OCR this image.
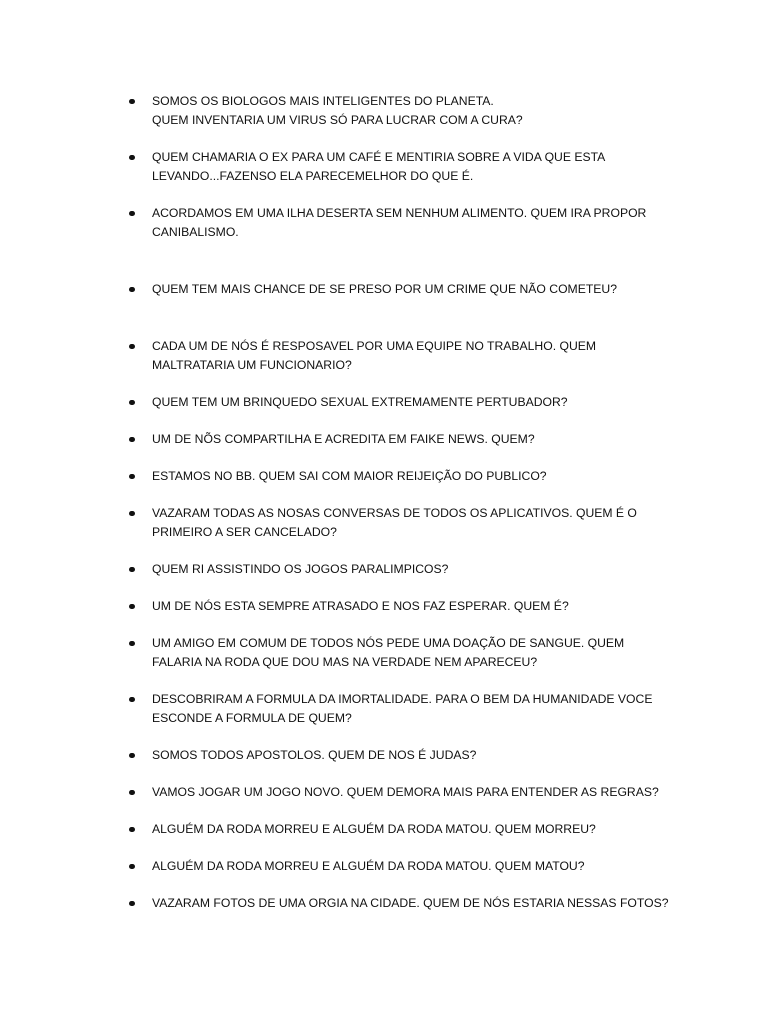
SOMOS OS BIOLOGOS MAIS INTELIGENTES DO PLANETA.
QUEM INVENTARIA UM VIRUS SÓ PARA LUCRAR COM A CURA?
QUEM CHAMARIA O EX PARA UM CAFÉ E MENTIRIA SOBRE A VIDA QUE ESTA LEVANDO...FAZENSO ELA PARECEMELHOR DO QUE É.
ACORDAMOS EM UMA ILHA DESERTA SEM NENHUM ALIMENTO. QUEM IRA PROPOR CANIBALISMO.
QUEM TEM MAIS CHANCE DE SE PRESO POR UM CRIME QUE NÃO COMETEU?
CADA UM DE NÓS É RESPOSAVEL POR UMA EQUIPE NO TRABALHO. QUEM MALTRATARIA UM FUNCIONARIO?
QUEM TEM UM BRINQUEDO SEXUAL EXTREMAMENTE PERTUBADOR?
UM DE NÕS COMPARTILHA E ACREDITA EM FAIKE NEWS. QUEM?
ESTAMOS NO BB. QUEM SAI COM MAIOR REIJEIÇÃO DO PUBLICO?
VAZARAM TODAS AS NOSAS CONVERSAS DE TODOS OS APLICATIVOS. QUEM É O PRIMEIRO A SER CANCELADO?
QUEM RI ASSISTINDO OS JOGOS PARALIMPICOS?
UM DE NÓS ESTA SEMPRE ATRASADO E NOS FAZ ESPERAR. QUEM É?
UM AMIGO EM COMUM DE TODOS NÓS PEDE UMA DOAÇÃO DE SANGUE. QUEM FALARIA NA RODA QUE DOU MAS NA VERDADE NEM APARECEU?
DESCOBRIRAM A FORMULA DA IMORTALIDADE. PARA O BEM DA HUMANIDADE VOCE ESCONDE A FORMULA DE QUEM?
SOMOS TODOS APOSTOLOS. QUEM DE NOS É JUDAS?
VAMOS JOGAR UM JOGO NOVO. QUEM DEMORA MAIS PARA ENTENDER AS REGRAS?
ALGUÉM DA RODA MORREU E ALGUÉM DA RODA MATOU. QUEM MORREU?
ALGUÉM DA RODA MORREU E ALGUÉM DA RODA MATOU. QUEM MATOU?
VAZARAM FOTOS DE UMA ORGIA NA CIDADE. QUEM DE NÓS ESTARIA NESSAS FOTOS?
